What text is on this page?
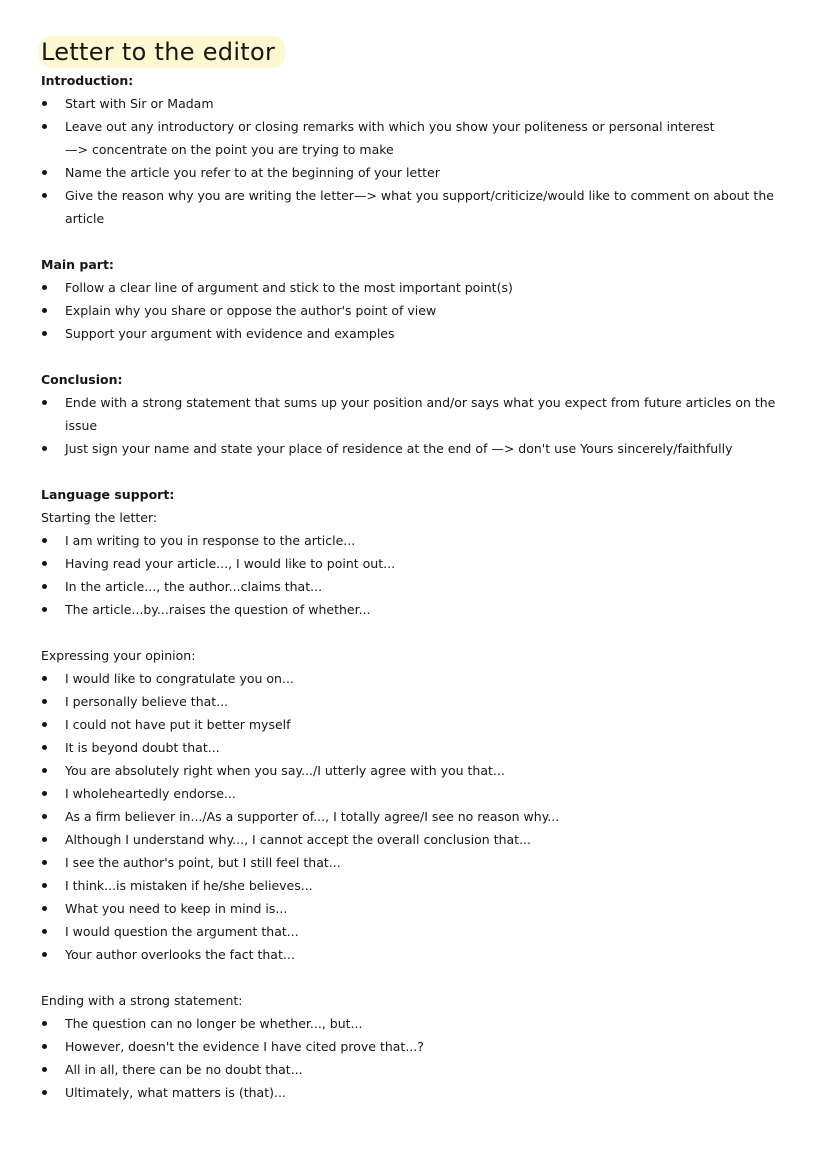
Letter to the editor
Introduction:
Start with Sir or Madam
Leave out any introductory or closing remarks with which you show your politeness or personal interest
—> concentrate on the point you are trying to make
Name the article you refer to at the beginning of your letter
Give the reason why you are writing the letter—> what you support/criticize/would like to comment on about the
article
Main part:
Follow a clear line of argument and stick to the most important point(s)
Explain why you share or oppose the author's point of view
Support your argument with evidence and examples
Conclusion:
Ende with a strong statement that sums up your position and/or says what you expect from future articles on the
issue
Just sign your name and state your place of residence at the end of —> don't use Yours sincerely/faithfully
Language support:
Starting the letter:
I am writing to you in response to the article...
Having read your article..., I would like to point out...
In the article..., the author...claims that...
The article...by...raises the question of whether...
Expressing your opinion:
I would like to congratulate you on...
I personally believe that...
I could not have put it better myself
It is beyond doubt that...
You are absolutely right when you say.../I utterly agree with you that...
I wholeheartedly endorse...
As a firm believer in.../As a supporter of..., I totally agree/I see no reason why...
Although I understand why..., I cannot accept the overall conclusion that...
I see the author's point, but I still feel that...
I think...is mistaken if he/she believes...
What you need to keep in mind is...
I would question the argument that...
Your author overlooks the fact that...
Ending with a strong statement:
The question can no longer be whether..., but...
However, doesn't the evidence I have cited prove that...?
All in all, there can be no doubt that...
Ultimately, what matters is (that)...
